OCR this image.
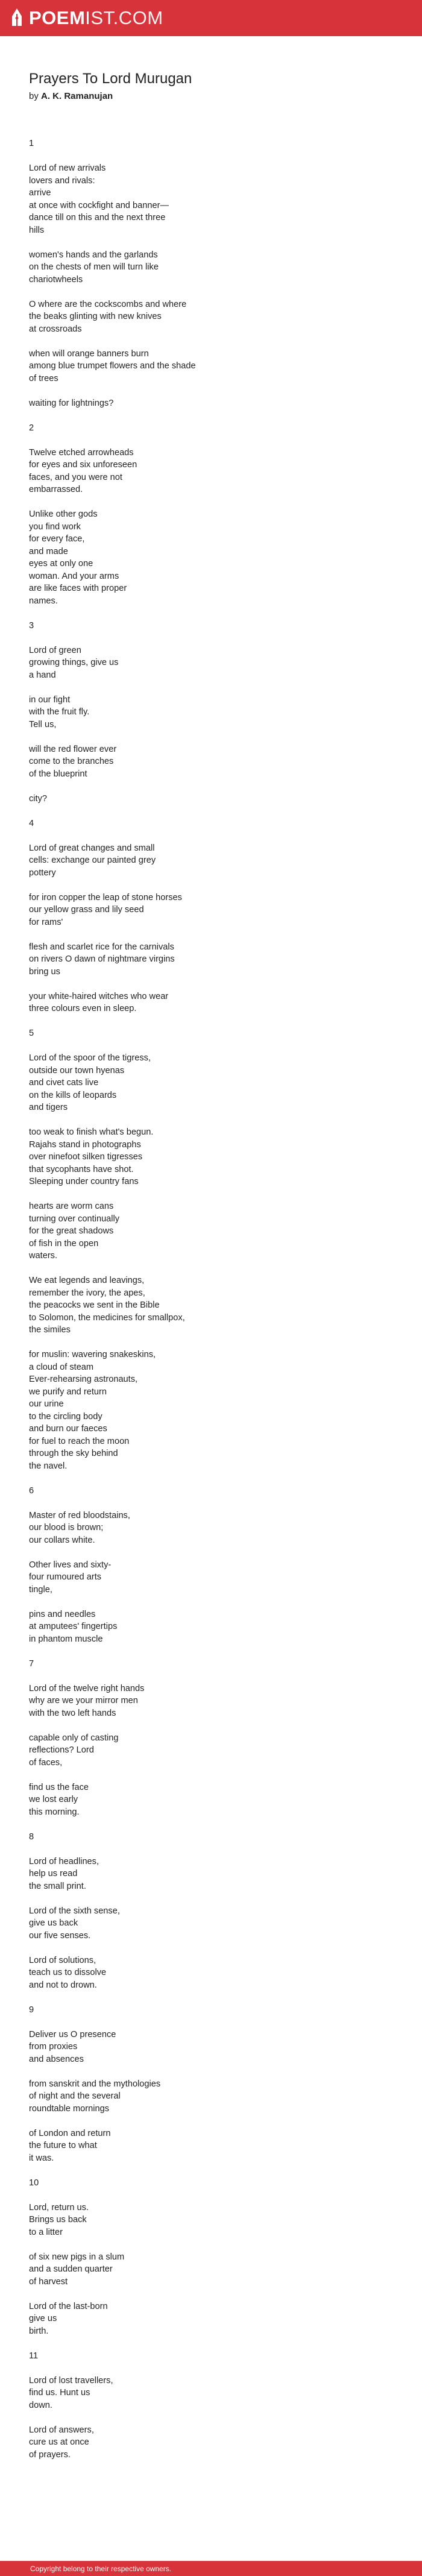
POEMIST.COM
Prayers To Lord Murugan
by A. K. Ramanujan
1
Lord of new arrivals
lovers and rivals:
arrive
at once with cockfight and banner—
dance till on this and the next three
hills
women's hands and the garlands
on the chests of men will turn like
chariotwheels
O where are the cockscombs and where
the beaks glinting with new knives
at crossroads
when will orange banners burn
among blue trumpet flowers and the shade
of trees
waiting for lightnings?
2
Twelve etched arrowheads
for eyes and six unforeseen
faces, and you were not
embarrassed.
Unlike other gods
you find work
for every face,
and made
eyes at only one
woman. And your arms
are like faces with proper
names.
3
Lord of green
growing things, give us
a hand
in our fight
with the fruit fly.
Tell us,
will the red flower ever
come to the branches
of the blueprint
city?
4
Lord of great changes and small
cells: exchange our painted grey
pottery
for iron copper the leap of stone horses
our yellow grass and lily seed
for rams'
flesh and scarlet rice for the carnivals
on rivers O dawn of nightmare virgins
bring us
your white-haired witches who wear
three colours even in sleep.
5
Lord of the spoor of the tigress,
outside our town hyenas
and civet cats live
on the kills of leopards
and tigers
too weak to finish what's begun.
Rajahs stand in photographs
over ninefoot silken tigresses
that sycophants have shot.
Sleeping under country fans
hearts are worm cans
turning over continually
for the great shadows
of fish in the open
waters.
We eat legends and leavings,
remember the ivory, the apes,
the peacocks we sent in the Bible
to Solomon, the medicines for smallpox,
the similes
for muslin: wavering snakeskins,
a cloud of steam
Ever-rehearsing astronauts,
we purify and return
our urine
to the circling body
and burn our faeces
for fuel to reach the moon
through the sky behind
the navel.
6
Master of red bloodstains,
our blood is brown;
our collars white.
Other lives and sixty-
four rumoured arts
tingle,
pins and needles
at amputees' fingertips
in phantom muscle
7
Lord of the twelve right hands
why are we your mirror men
with the two left hands
capable only of casting
reflections? Lord
of faces,
find us the face
we lost early
this morning.
8
Lord of headlines,
help us read
the small print.
Lord of the sixth sense,
give us back
our five senses.
Lord of solutions,
teach us to dissolve
and not to drown.
9
Deliver us O presence
from proxies
and absences
from sanskrit and the mythologies
of night and the several
roundtable mornings
of London and return
the future to what
it was.
10
Lord, return us.
Brings us back
to a litter
of six new pigs in a slum
and a sudden quarter
of harvest
Lord of the last-born
give us
birth.
11
Lord of lost travellers,
find us. Hunt us
down.
Lord of answers,
cure us at once
of prayers.
Copyright belong to their respective owners.
